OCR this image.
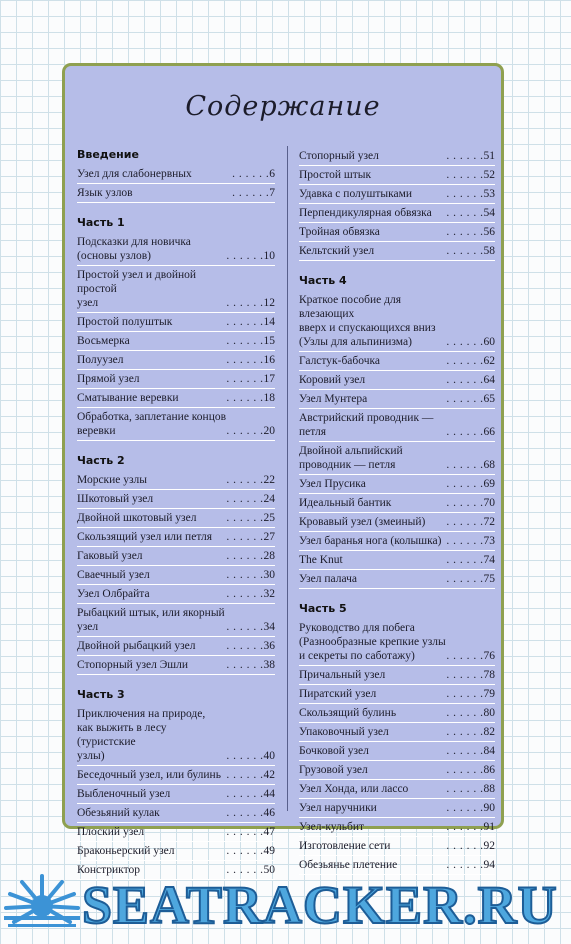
Содержание
Введение
Узел для слабонервных	. . . 6
Язык узлов	. . . 7
Часть 1
Подсказки для новичка
(основы узлов)	. . . 10
Простой узел и двойной простой
узел	. . . 12
Простой полуштык	. . . 14
Восьмерка	. . . 15
Полуузел	. . . 16
Прямой узел	. . . 17
Сматывание веревки	. . . 18
Обработка, заплетание концов
веревки	. . . 20
Часть 2
Морские узлы	. . . 22
Шкотовый узел	. . . 24
Двойной шкотовый узел	. . . 25
Скользящий узел или петля	. . . 27
Гаковый узел	. . . 28
Сваечный узел	. . . 30
Узел Олбрайта	. . . 32
Рыбацкий штык, или якорный
узел	. . . 34
Двойной рыбацкий узел	. . . 36
Стопорный узел Эшли	. . . 38
Часть 3
Приключения на природе,
как выжить в лесу (туристские
узлы)	. . . 40
Беседочный узел, или булинь	. . . 42
Выбленочный узел	. . . 44
Обезьяний кулак	. . . 46
Плоский узел	. . . 47
Браконьерский узел	. . . 49
Констриктор	. . . 50
Стопорный узел	. . . 51
Простой штык	. . . 52
Удавка с полуштыками	. . . 53
Перпендикулярная обвязка	. . . 54
Тройная обвязка	. . . 56
Кельтский узел	. . . 58
Часть 4
Краткое пособие для влезающих
вверх и спускающихся вниз
(Узлы для альпинизма)	. . . 60
Галстук-бабочка	. . . 62
Коровий узел	. . . 64
Узел Мунтера	. . . 65
Австрийский проводник —
петля	. . . 66
Двойной альпийский
проводник — петля	. . . 68
Узел Прусика	. . . 69
Идеальный бантик	. . . 70
Кровавый узел (змеиный)	. . . 72
Узел баранья нога (колышка)	. . . 73
The Knut	. . . 74
Узел палача	. . . 75
Часть 5
Руководство для побега
(Разнообразные крепкие узлы
и секреты по саботажу)	. . . 76
Причальный узел	. . . 78
Пиратский узел	. . . 79
Скользящий булинь	. . . 80
Упаковочный узел	. . . 82
Бочковой узел	. . . 84
Грузовой узел	. . . 86
Узел Хонда, или лассо	. . . 88
Узел наручники	. . . 90
Узел-кульбит	. . . 91
Изготовление сети	. . . 92
Обезьянье плетение	. . . 94
SEATRACKER.RU
